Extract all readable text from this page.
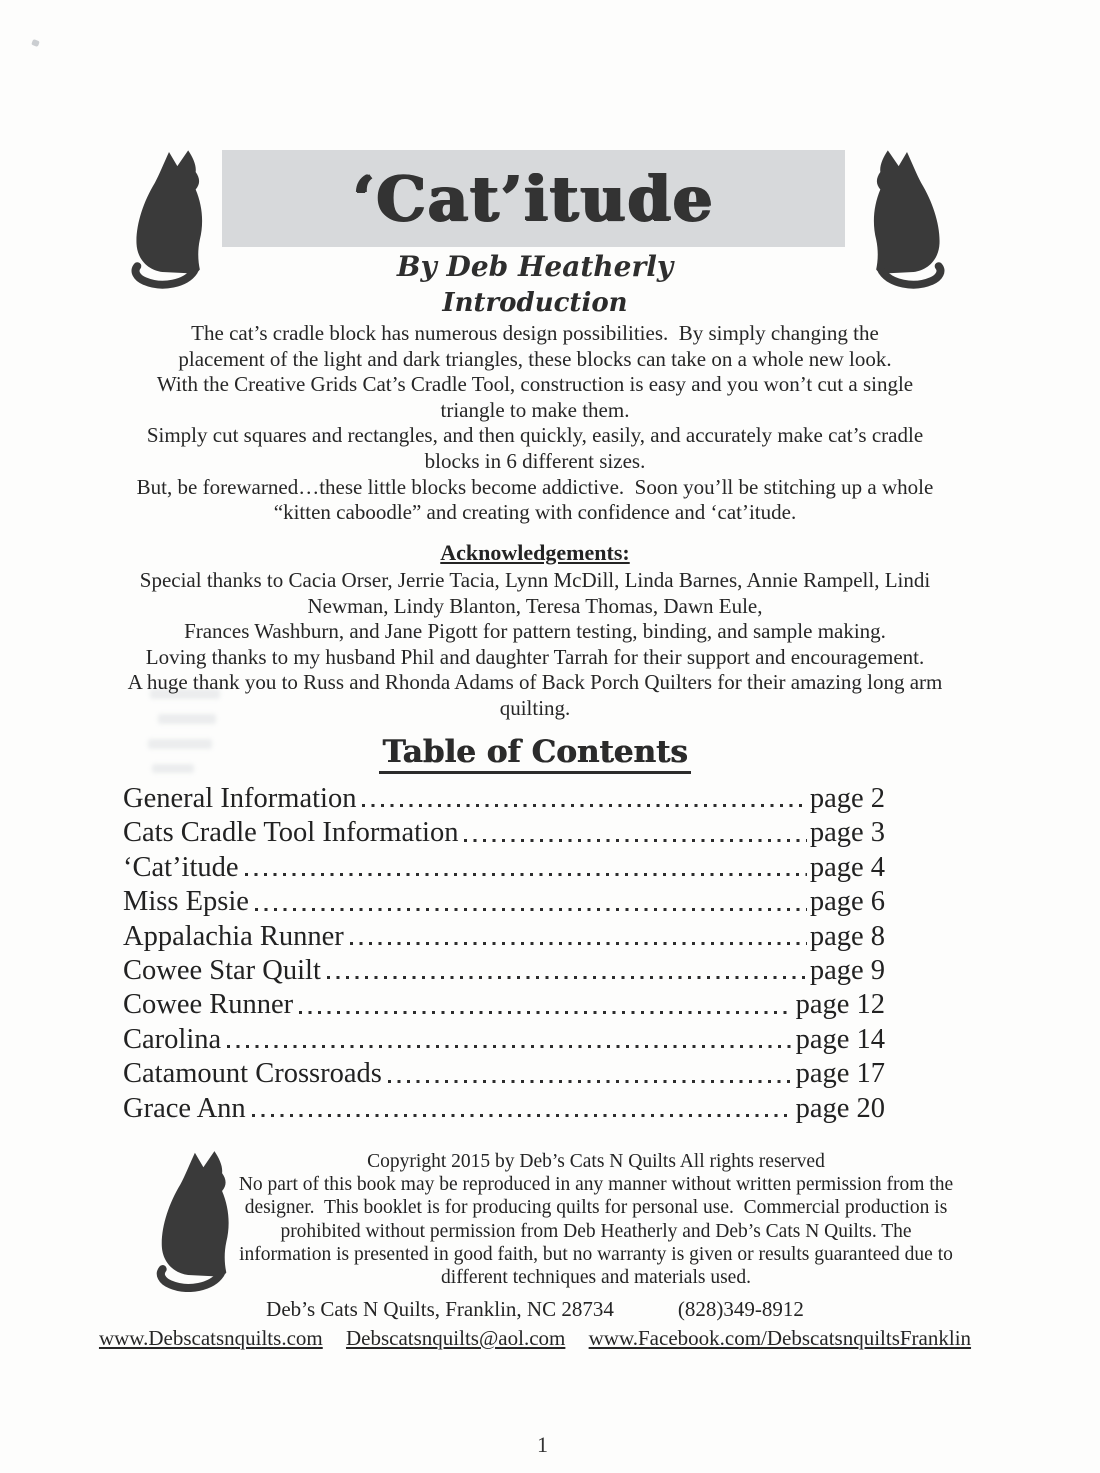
‘Cat’itude
By Deb Heatherly
Introduction
The cat’s cradle block has numerous design possibilities.  By simply changing the
placement of the light and dark triangles, these blocks can take on a whole new look.
With the Creative Grids Cat’s Cradle Tool, construction is easy and you won’t cut a single
triangle to make them.
Simply cut squares and rectangles, and then quickly, easily, and accurately make cat’s cradle
blocks in 6 different sizes.
But, be forewarned…these little blocks become addictive.  Soon you’ll be stitching up a whole
“kitten caboodle” and creating with confidence and ‘cat’itude.
Acknowledgements:
Special thanks to Cacia Orser, Jerrie Tacia, Lynn McDill, Linda Barnes, Annie Rampell, Lindi
Newman, Lindy Blanton, Teresa Thomas, Dawn Eule,
Frances Washburn, and Jane Pigott for pattern testing, binding, and sample making.
Loving thanks to my husband Phil and daughter Tarrah for their support and encouragement.
A huge thank you to Russ and Rhonda Adams of Back Porch Quilters for their amazing long arm
quilting.
Table of Contents
General Information	page 2
Cats Cradle Tool Information	page 3
‘Cat’itude	page 4
Miss Epsie	page 6
Appalachia Runner	page 8
Cowee Star Quilt	page 9
Cowee Runner	page 12
Carolina	page 14
Catamount Crossroads	page 17
Grace Ann	page 20
Copyright 2015 by Deb’s Cats N Quilts All rights reserved
No part of this book may be reproduced in any manner without written permission from the
designer.  This booklet is for producing quilts for personal use.  Commercial production is
prohibited without permission from Deb Heatherly and Deb’s Cats N Quilts. The
information is presented in good faith, but no warranty is given or results guaranteed due to
different techniques and materials used.
Deb’s Cats N Quilts, Franklin, NC 28734	(828)349-8912
www.Debscatsnquilts.com Debscatsnquilts@aol.com www.Facebook.com/DebscatsnquiltsFranklin
1
